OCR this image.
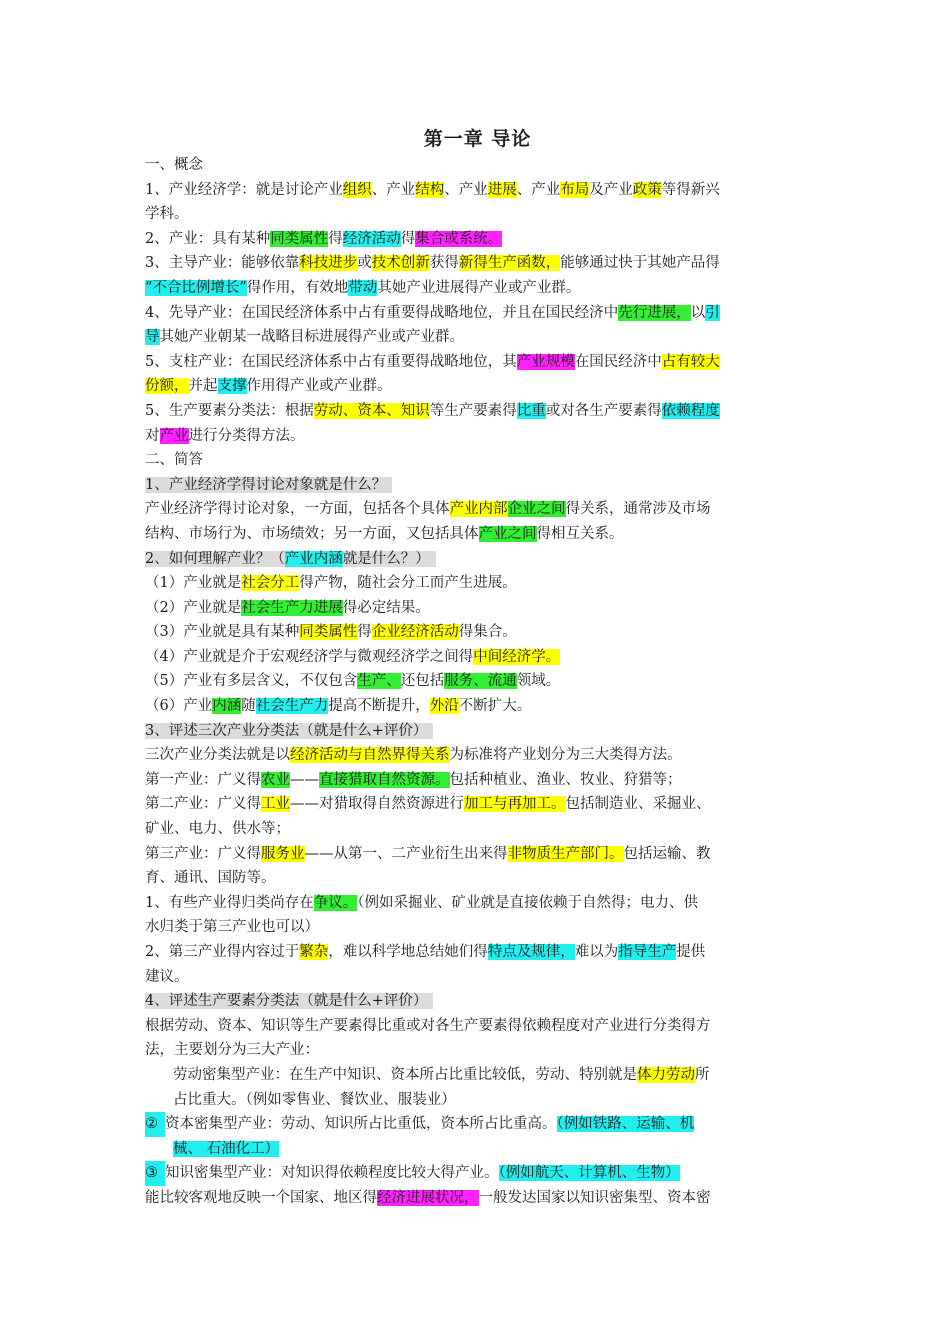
第一章 导论
一、概念
1、产业经济学：就是讨论产业组织、产业结构、产业进展、产业布局及产业政策等得新兴
学科。
2、产业：具有某种同类属性得经济活动得集合或系统。
3、主导产业：能够依靠科技进步或技术创新获得新得生产函数，能够通过快于其她产品得
“不合比例增长”得作用，有效地带动其她产业进展得产业或产业群。
4、先导产业：在国民经济体系中占有重要得战略地位，并且在国民经济中先行进展，以引
导其她产业朝某一战略目标进展得产业或产业群。
5、支柱产业：在国民经济体系中占有重要得战略地位，其产业规模在国民经济中占有较大
份额，并起支撑作用得产业或产业群。
5、生产要素分类法：根据劳动、资本、知识等生产要素得比重或对各生产要素得依赖程度
对产业进行分类得方法。
二、简答
1、产业经济学得讨论对象就是什么？
产业经济学得讨论对象，一方面，包括各个具体产业内部企业之间得关系，通常涉及市场
结构、市场行为、市场绩效；另一方面，又包括具体产业之间得相互关系。
2、如何理解产业？（产业内涵就是什么？）
（1）产业就是社会分工得产物，随社会分工而产生进展。
（2）产业就是社会生产力进展得必定结果。
（3）产业就是具有某种同类属性得企业经济活动得集合。
（4）产业就是介于宏观经济学与微观经济学之间得中间经济学。
（5）产业有多层含义，不仅包含生产、还包括服务、流通领域。
（6）产业内涵随社会生产力提高不断提升，外沿不断扩大。
3、评述三次产业分类法（就是什么+评价）
三次产业分类法就是以经济活动与自然界得关系为标准将产业划分为三大类得方法。
第一产业：广义得农业——直接猎取自然资源。包括种植业、渔业、牧业、狩猎等；
第二产业：广义得工业——对猎取得自然资源进行加工与再加工。包括制造业、采掘业、
矿业、电力、供水等；
第三产业：广义得服务业——从第一、二产业衍生出来得非物质生产部门。包括运输、教
育、通讯、国防等。
1、有些产业得归类尚存在争议。（例如采掘业、矿业就是直接依赖于自然得；电力、供
水归类于第三产业也可以）
2、第三产业得内容过于繁杂，难以科学地总结她们得特点及规律，难以为指导生产提供
建议。
4、评述生产要素分类法（就是什么+评价）
根据劳动、资本、知识等生产要素得比重或对各生产要素得依赖程度对产业进行分类得方
法，主要划分为三大产业：
劳动密集型产业：在生产中知识、资本所占比重比较低，劳动、特别就是体力劳动所
占比重大。（例如零售业、餐饮业、服装业）
② 资本密集型产业：劳动、知识所占比重低，资本所占比重高。（例如铁路、运输、机
械、 石油化工）
③ 知识密集型产业：对知识得依赖程度比较大得产业。（例如航天、计算机、生物）
能比较客观地反映一个国家、地区得经济进展状况，一般发达国家以知识密集型、资本密
